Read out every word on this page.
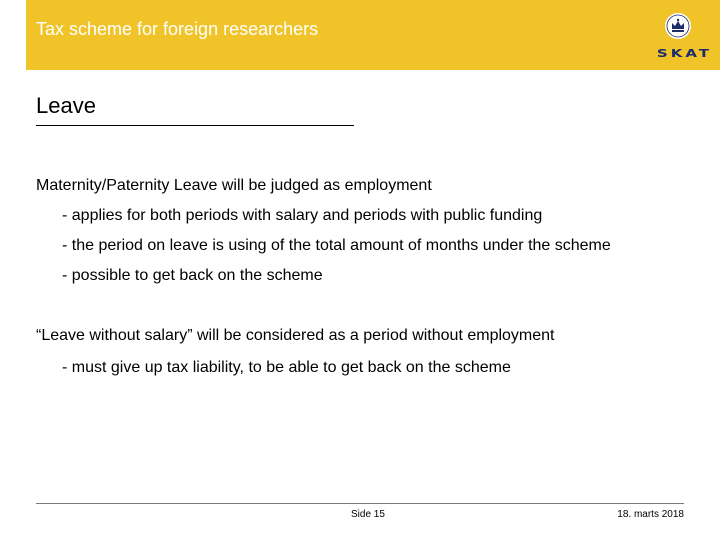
Tax scheme for foreign researchers
SKAT
Leave
Maternity/Paternity Leave will be judged as employment
- applies for both periods with salary and periods with public funding
- the period on leave is using of the total amount of months under the scheme
- possible to get back on the scheme
“Leave without salary” will be considered as a period without employment
- must give up tax liability, to be able to get back on the scheme
Side 15	18. marts 2018
